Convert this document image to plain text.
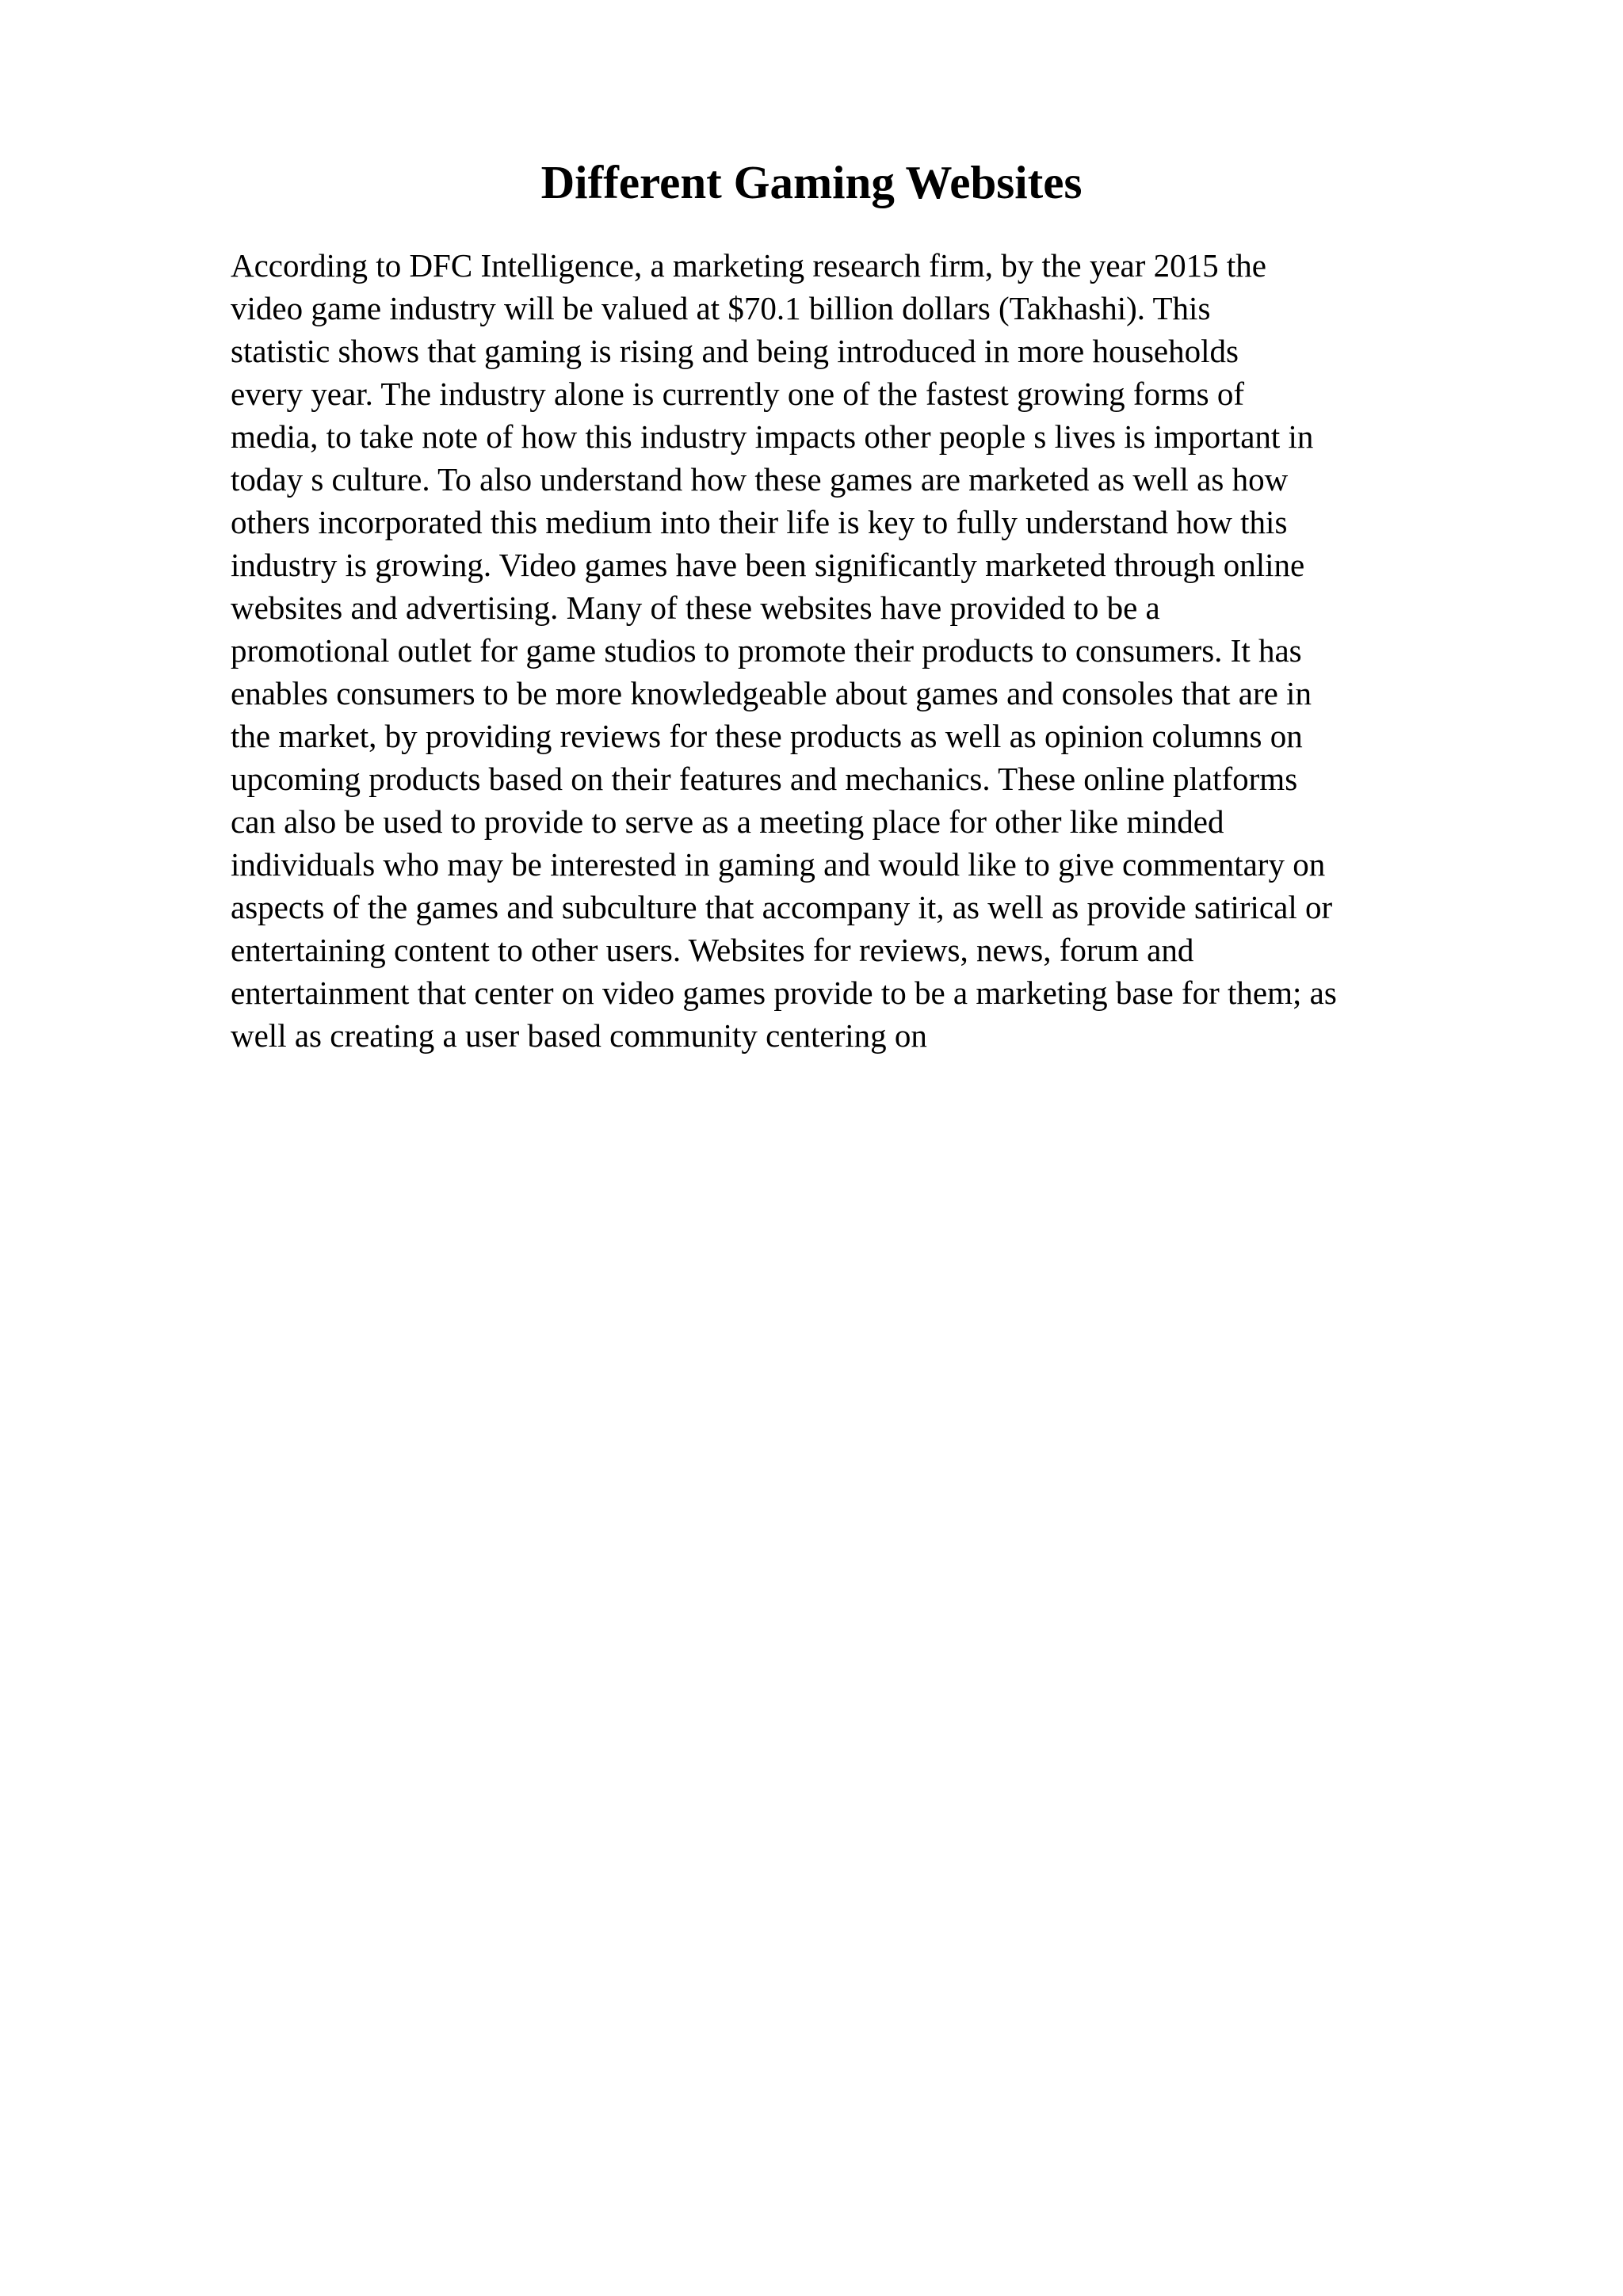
Different Gaming Websites
According to DFC Intelligence, a marketing research firm, by the year 2015 the
video game industry will be valued at $70.1 billion dollars (Takhashi). This
statistic shows that gaming is rising and being introduced in more households
every year. The industry alone is currently one of the fastest growing forms of
media, to take note of how this industry impacts other people s lives is important in
today s culture. To also understand how these games are marketed as well as how
others incorporated this medium into their life is key to fully understand how this
industry is growing. Video games have been significantly marketed through online
websites and advertising. Many of these websites have provided to be a
promotional outlet for game studios to promote their products to consumers. It has
enables consumers to be more knowledgeable about games and consoles that are in
the market, by providing reviews for these products as well as opinion columns on
upcoming products based on their features and mechanics. These online platforms
can also be used to provide to serve as a meeting place for other like minded
individuals who may be interested in gaming and would like to give commentary on
aspects of the games and subculture that accompany it, as well as provide satirical or
entertaining content to other users. Websites for reviews, news, forum and
entertainment that center on video games provide to be a marketing base for them; as
well as creating a user based community centering on
